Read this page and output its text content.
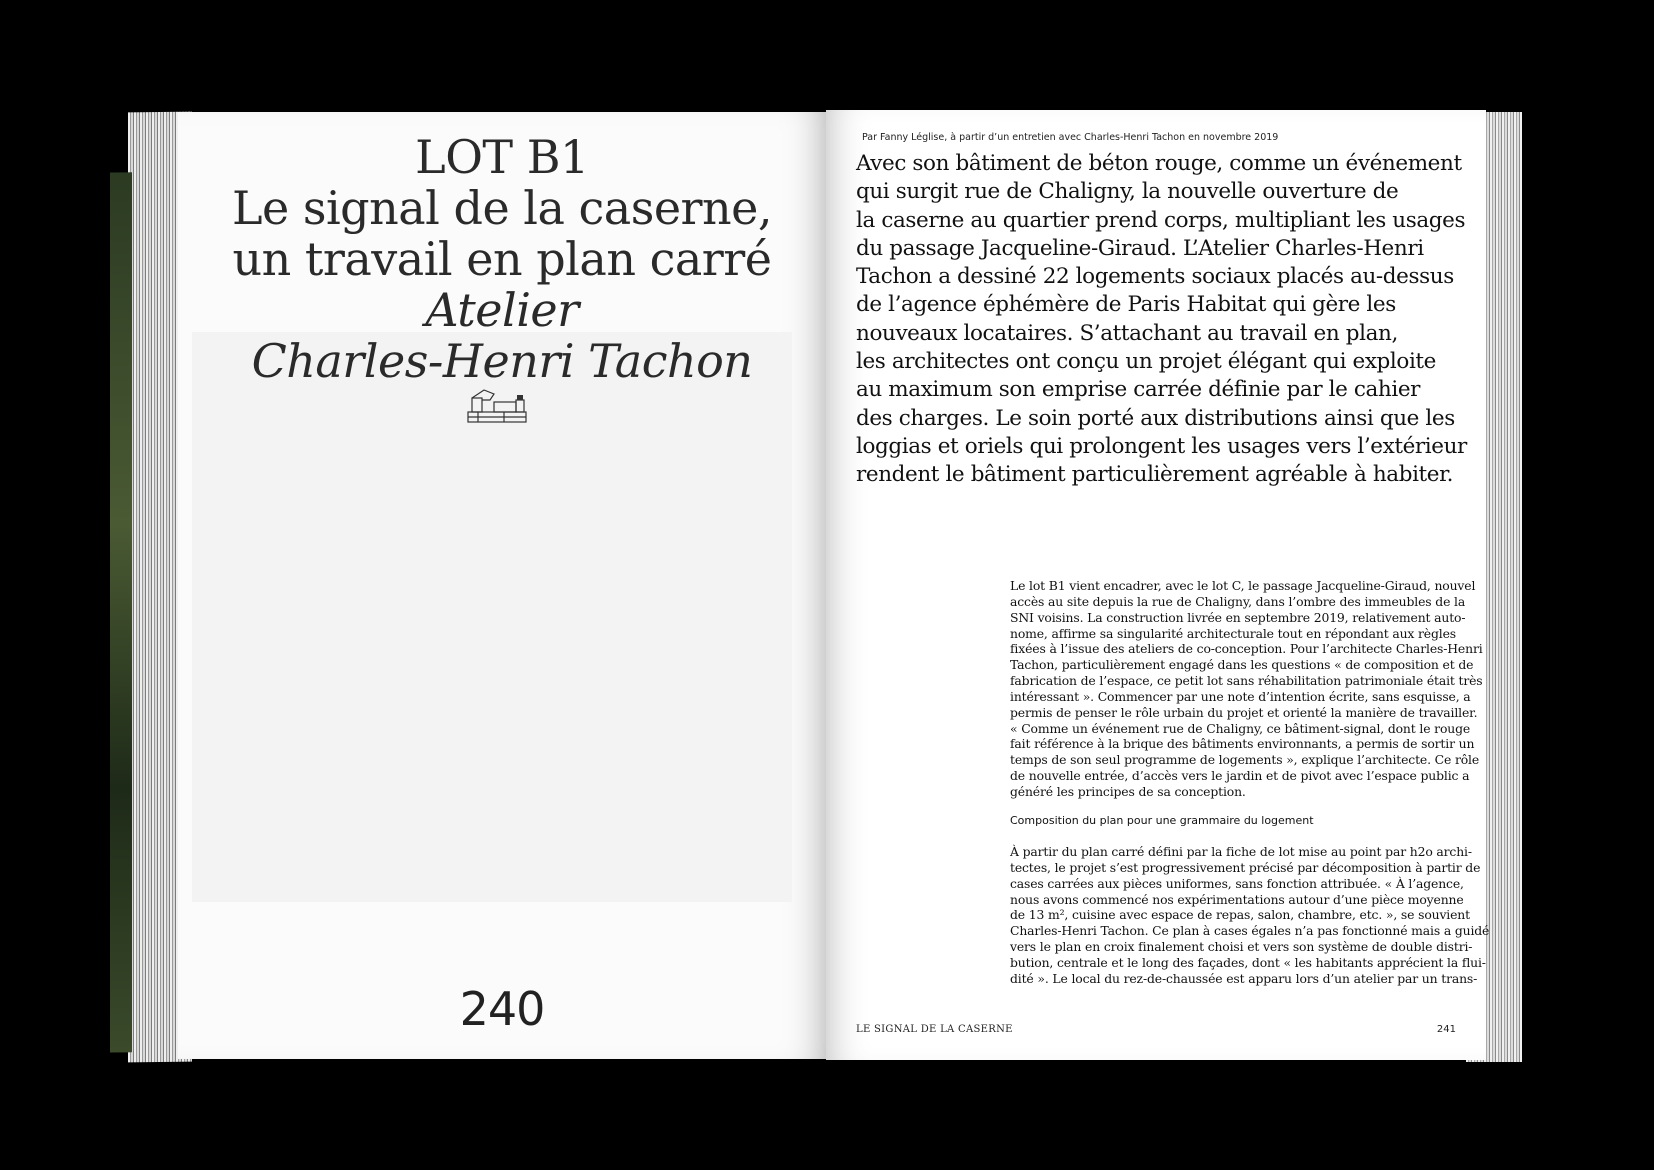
LOT B1
Le signal de la caserne,
un travail en plan carré
Atelier
Charles-Henri Tachon
240
Par Fanny Léglise, à partir d’un entretien avec Charles-Henri Tachon en novembre 2019
Avec son bâtiment de béton rouge, comme un événement
qui surgit rue de Chaligny, la nouvelle ouverture de
la caserne au quartier prend corps, multipliant les usages
du passage Jacqueline-Giraud. L’Atelier Charles-Henri
Tachon a dessiné 22 logements sociaux placés au-dessus
de l’agence éphémère de Paris Habitat qui gère les
nouveaux locataires. S’attachant au travail en plan,
les architectes ont conçu un projet élégant qui exploite
au maximum son emprise carrée définie par le cahier
des charges. Le soin porté aux distributions ainsi que les
loggias et oriels qui prolongent les usages vers l’extérieur
rendent le bâtiment particulièrement agréable à habiter.
Le lot B1 vient encadrer, avec le lot C, le passage Jacqueline-Giraud, nouvel
accès au site depuis la rue de Chaligny, dans l’ombre des immeubles de la
SNI voisins. La construction livrée en septembre 2019, relativement auto-
nome, affirme sa singularité architecturale tout en répondant aux règles
fixées à l’issue des ateliers de co-conception. Pour l’architecte Charles-Henri
Tachon, particulièrement engagé dans les questions « de composition et de
fabrication de l’espace, ce petit lot sans réhabilitation patrimoniale était très
intéressant ». Commencer par une note d’intention écrite, sans esquisse, a
permis de penser le rôle urbain du projet et orienté la manière de travailler.
« Comme un événement rue de Chaligny, ce bâtiment-signal, dont le rouge
fait référence à la brique des bâtiments environnants, a permis de sortir un
temps de son seul programme de logements », explique l’architecte. Ce rôle
de nouvelle entrée, d’accès vers le jardin et de pivot avec l’espace public a
généré les principes de sa conception.
Composition du plan pour une grammaire du logement
À partir du plan carré défini par la fiche de lot mise au point par h2o archi-
tectes, le projet s’est progressivement précisé par décomposition à partir de
cases carrées aux pièces uniformes, sans fonction attribuée. « À l’agence,
nous avons commencé nos expérimentations autour d’une pièce moyenne
de 13 m², cuisine avec espace de repas, salon, chambre, etc. », se souvient
Charles-Henri Tachon. Ce plan à cases égales n’a pas fonctionné mais a guidé
vers le plan en croix finalement choisi et vers son système de double distri-
bution, centrale et le long des façades, dont « les habitants apprécient la flui-
dité ». Le local du rez-de-chaussée est apparu lors d’un atelier par un trans-
LE SIGNAL DE LA CASERNE	241
